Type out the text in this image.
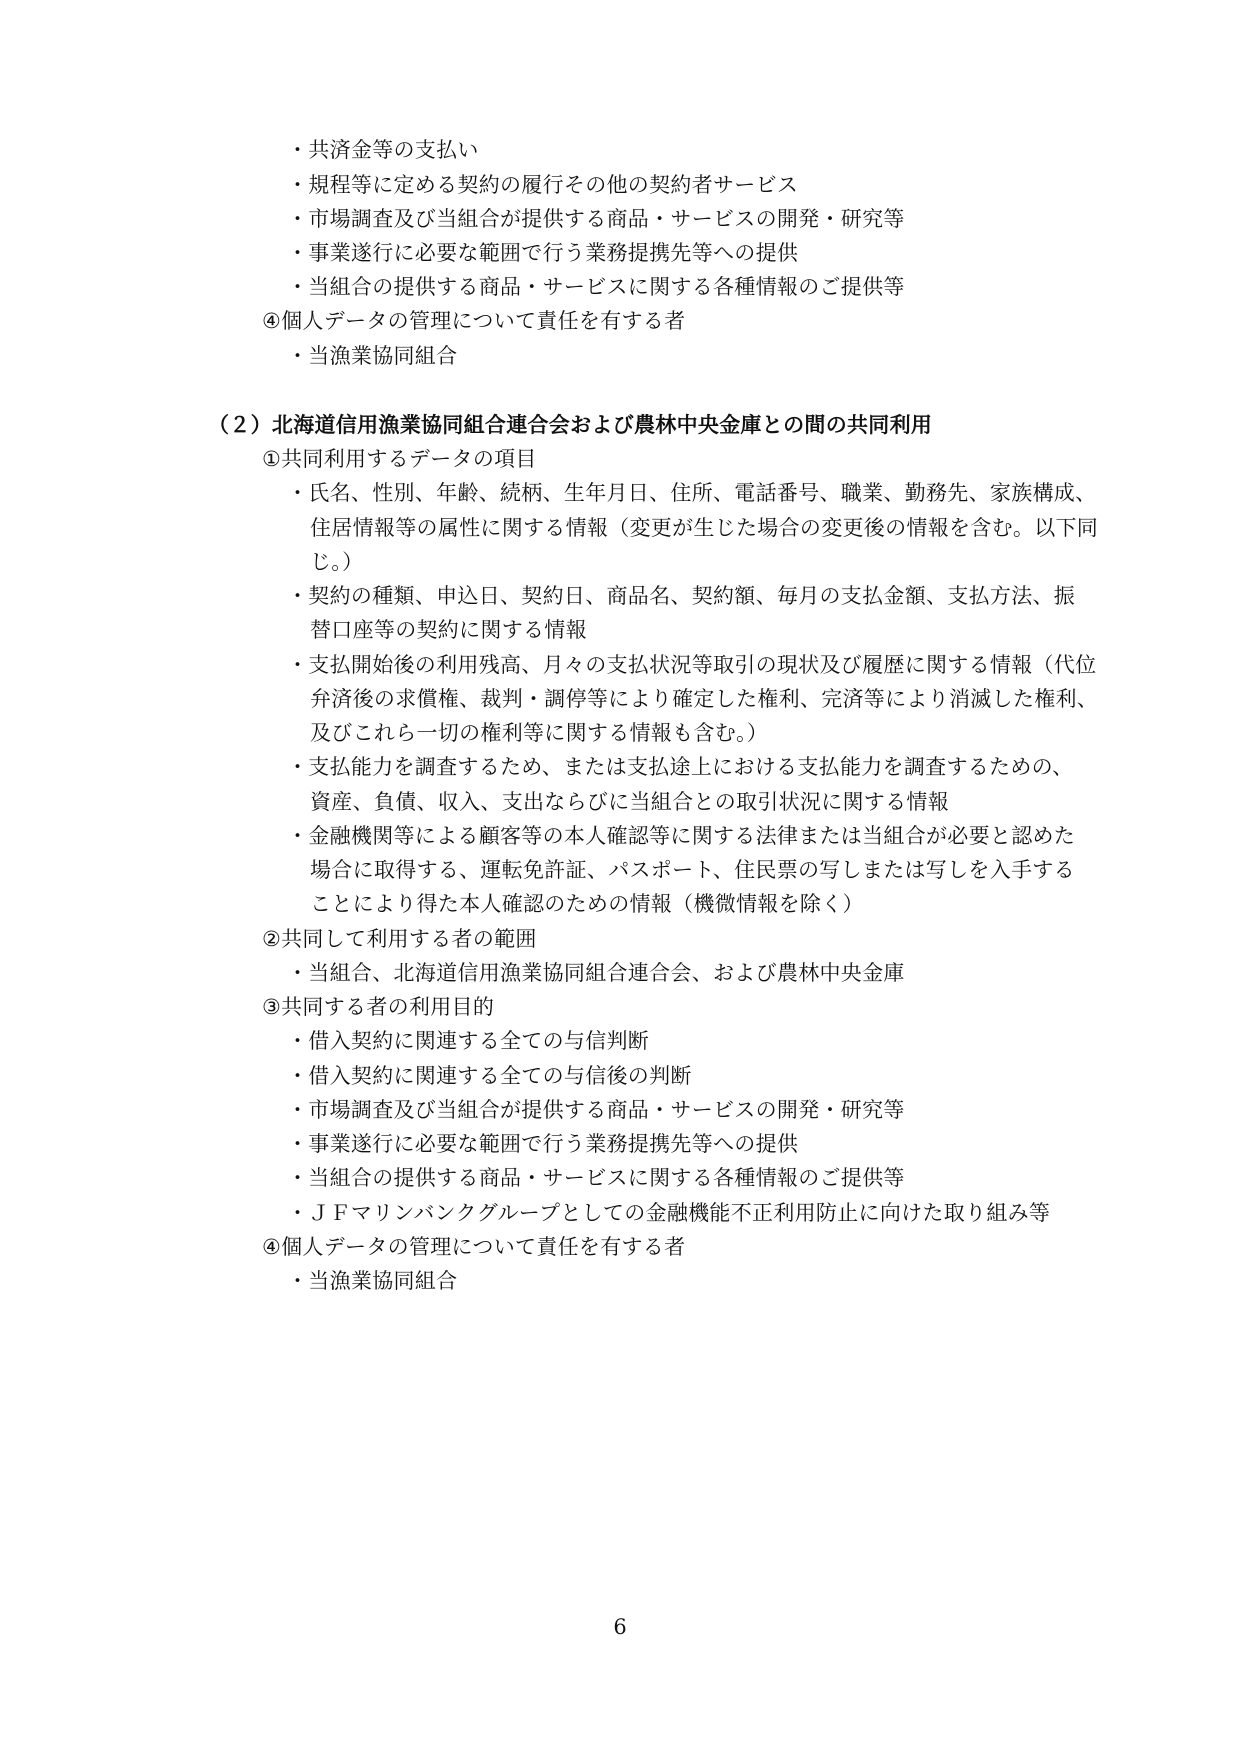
・共済金等の支払い
・規程等に定める契約の履行その他の契約者サービス
・市場調査及び当組合が提供する商品・サービスの開発・研究等
・事業遂行に必要な範囲で行う業務提携先等への提供
・当組合の提供する商品・サービスに関する各種情報のご提供等
④個人データの管理について責任を有する者
・当漁業協同組合
（２）北海道信用漁業協同組合連合会および農林中央金庫との間の共同利用
①共同利用するデータの項目
・氏名、性別、年齢、続柄、生年月日、住所、電話番号、職業、勤務先、家族構成、
住居情報等の属性に関する情報（変更が生じた場合の変更後の情報を含む。以下同
じ。）
・契約の種類、申込日、契約日、商品名、契約額、毎月の支払金額、支払方法、振
替口座等の契約に関する情報
・支払開始後の利用残高、月々の支払状況等取引の現状及び履歴に関する情報（代位
弁済後の求償権、裁判・調停等により確定した権利、完済等により消滅した権利、
及びこれら一切の権利等に関する情報も含む。）
・支払能力を調査するため、または支払途上における支払能力を調査するための、
資産、負債、収入、支出ならびに当組合との取引状況に関する情報
・金融機関等による顧客等の本人確認等に関する法律または当組合が必要と認めた
場合に取得する、運転免許証、パスポート、住民票の写しまたは写しを入手する
ことにより得た本人確認のための情報（機微情報を除く）
②共同して利用する者の範囲
・当組合、北海道信用漁業協同組合連合会、および農林中央金庫
③共同する者の利用目的
・借入契約に関連する全ての与信判断
・借入契約に関連する全ての与信後の判断
・市場調査及び当組合が提供する商品・サービスの開発・研究等
・事業遂行に必要な範囲で行う業務提携先等への提供
・当組合の提供する商品・サービスに関する各種情報のご提供等
・ＪＦマリンバンクグループとしての金融機能不正利用防止に向けた取り組み等
④個人データの管理について責任を有する者
・当漁業協同組合
6
